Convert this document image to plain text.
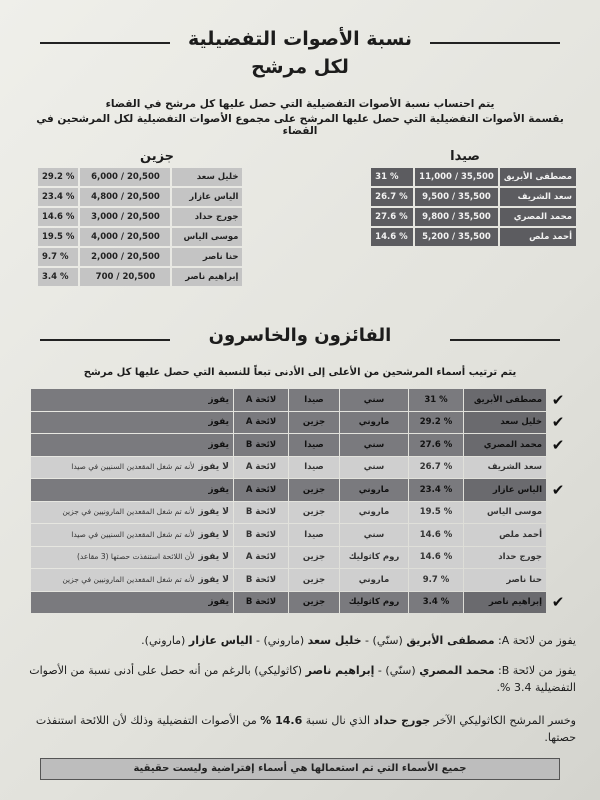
نسبة الأصوات التفضيلية
لكل مرشح
يتم احتساب نسبة الأصوات التفضيلية التي حصل عليها كل مرشح في القضاء
بقسمة الأصوات التفضيلية التي حصل عليها المرشح على مجموع الأصوات التفضيلية لكل المرشحين في القضاء
صيدا
مصطفى الأبريق	35,500 / 11,000	31 %
سعد الشريف	35,500 / 9,500	26.7 %
محمد المصري	35,500 / 9,800	27.6 %
أحمد ملص	35,500 / 5,200	14.6 %
جزين
خليل سعد	20,500 / 6,000	29.2 %
الياس عازار	20,500 / 4,800	23.4 %
جورج حداد	20,500 / 3,000	14.6 %
موسى الياس	20,500 / 4,000	19.5 %
حنا ناصر	20,500 / 2,000	9.7 %
إبراهيم ناصر	20,500 / 700	3.4 %
الفائزون والخاسرون
يتم ترتيب أسماء المرشحين من الأعلى إلى الأدنى تبعاً للنسبة التي حصل عليها كل مرشح
✔	مصطفى الأبريق	31 %	سني	صيدا	لائحة A	يفوز
✔	خليل سعد	29.2 %	ماروني	جزين	لائحة A	يفوز
✔	محمد المصري	27.6 %	سني	صيدا	لائحة B	يفوز
	سعد الشريف	26.7 %	سني	صيدا	لائحة A	لا يفوزلأنه تم شغل المقعدين السنيين في صيدا
✔	الياس عازار	23.4 %	ماروني	جزين	لائحة A	يفوز
	موسى الياس	19.5 %	ماروني	جزين	لائحة B	لا يفوزلأنه تم شغل المقعدين المارونيين في جزين
	أحمد ملص	14.6 %	سني	صيدا	لائحة B	لا يفوزلأنه تم شغل المقعدين السنيين في صيدا
	جورج حداد	14.6 %	روم كاثوليك	جزين	لائحة A	لا يفوزلأن اللائحة استنفذت حصتها (3 مقاعد)
	حنا ناصر	9.7 %	ماروني	جزين	لائحة B	لا يفوزلأنه تم شغل المقعدين المارونيين في جزين
✔	إبراهيم ناصر	3.4 %	روم كاثوليك	جزين	لائحة B	يفوز
يفوز من لائحة A: مصطفى الأبريق (سنّي) - خليل سعد (ماروني) - الياس عازار (ماروني).
يفوز من لائحة B: محمد المصري (سنّي) - إبراهيم ناصر (كاثوليكي) بالرغم من أنه حصل على أدنى نسبة من الأصوات التفضيلية 3.4 %.
وخسر المرشح الكاثوليكي الآخر جورج حداد الذي نال نسبة 14.6 % من الأصوات التفضيلية وذلك لأن اللائحة استنفذت حصتها.
جميع الأسماء التي تم استعمالها هي أسماء إفتراضية وليست حقيقية
